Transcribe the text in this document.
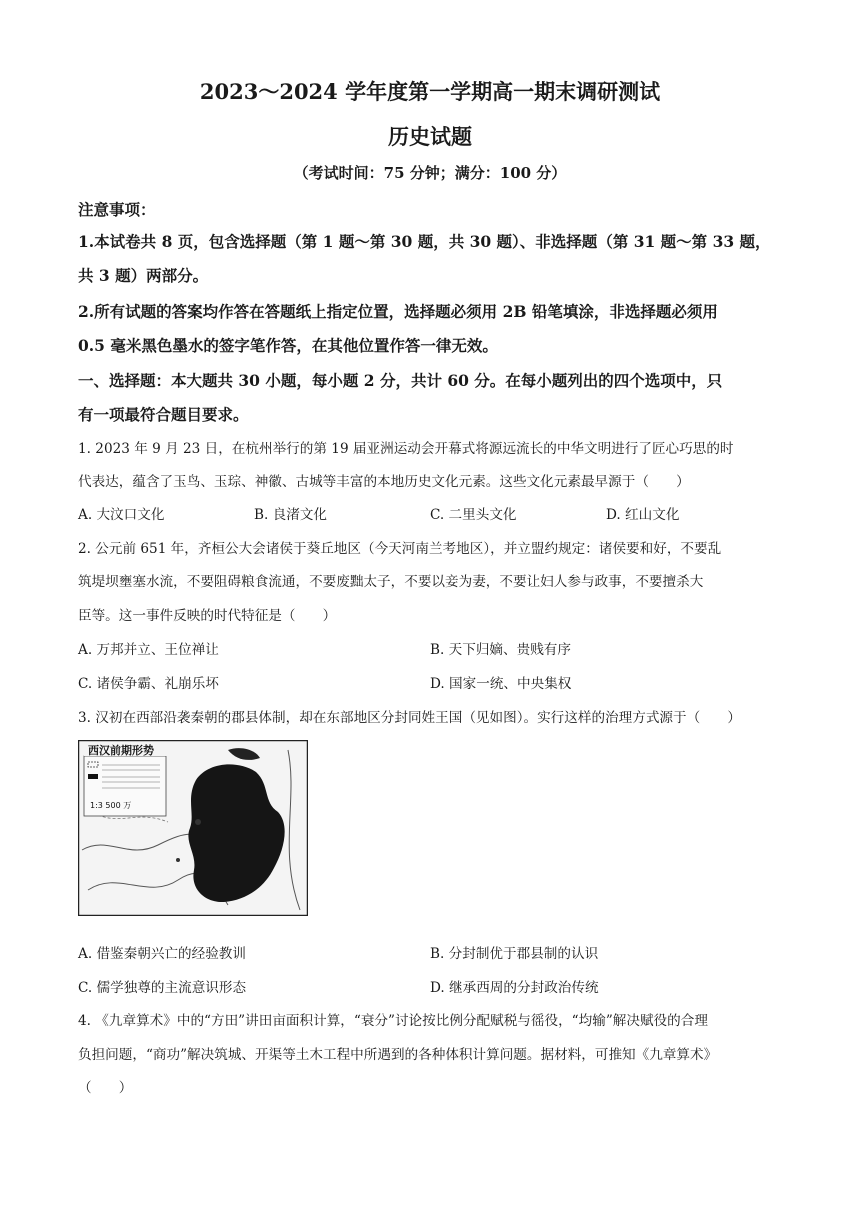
2023～2024 学年度第一学期高一期末调研测试
历史试题
（考试时间：75 分钟；满分：100 分）
注意事项：
1.本试卷共 8 页，包含选择题（第 1 题～第 30 题，共 30 题）、非选择题（第 31 题～第 33 题，
共 3 题）两部分。
2.所有试题的答案均作答在答题纸上指定位置，选择题必须用 2B 铅笔填涂，非选择题必须用
0.5 毫米黑色墨水的签字笔作答，在其他位置作答一律无效。
一、选择题：本大题共 30 小题，每小题 2 分，共计 60 分。在每小题列出的四个选项中，只
有一项最符合题目要求。
1. 2023 年 9 月 23 日，在杭州举行的第 19 届亚洲运动会开幕式将源远流长的中华文明进行了匠心巧思的时
代表达，蕴含了玉鸟、玉琮、神徽、古城等丰富的本地历史文化元素。这些文化元素最早源于（　　）
A. 大汶口文化	B. 良渚文化	C. 二里头文化	D. 红山文化
2. 公元前 651 年，齐桓公大会诸侯于葵丘地区（今天河南兰考地区），并立盟约规定：诸侯要和好，不要乱
筑堤坝壅塞水流，不要阻碍粮食流通，不要废黜太子，不要以妾为妻，不要让妇人参与政事，不要擅杀大
臣等。这一事件反映的时代特征是（　　）
A. 万邦并立、王位禅让	B. 天下归嫡、贵贱有序
C. 诸侯争霸、礼崩乐坏	D. 国家一统、中央集权
3. 汉初在西部沿袭秦朝的郡县体制，却在东部地区分封同姓王国（见如图）。实行这样的治理方式源于（　　）
西汉前期形势
1:3 500 万
A. 借鉴秦朝兴亡的经验教训	B. 分封制优于郡县制的认识
C. 儒学独尊的主流意识形态	D. 继承西周的分封政治传统
4. 《九章算术》中的“方田”讲田亩面积计算，“衰分”讨论按比例分配赋税与徭役，“均输”解决赋役的合理
负担问题，“商功”解决筑城、开渠等土木工程中所遇到的各种体积计算问题。据材料，可推知《九章算术》
（　　）
